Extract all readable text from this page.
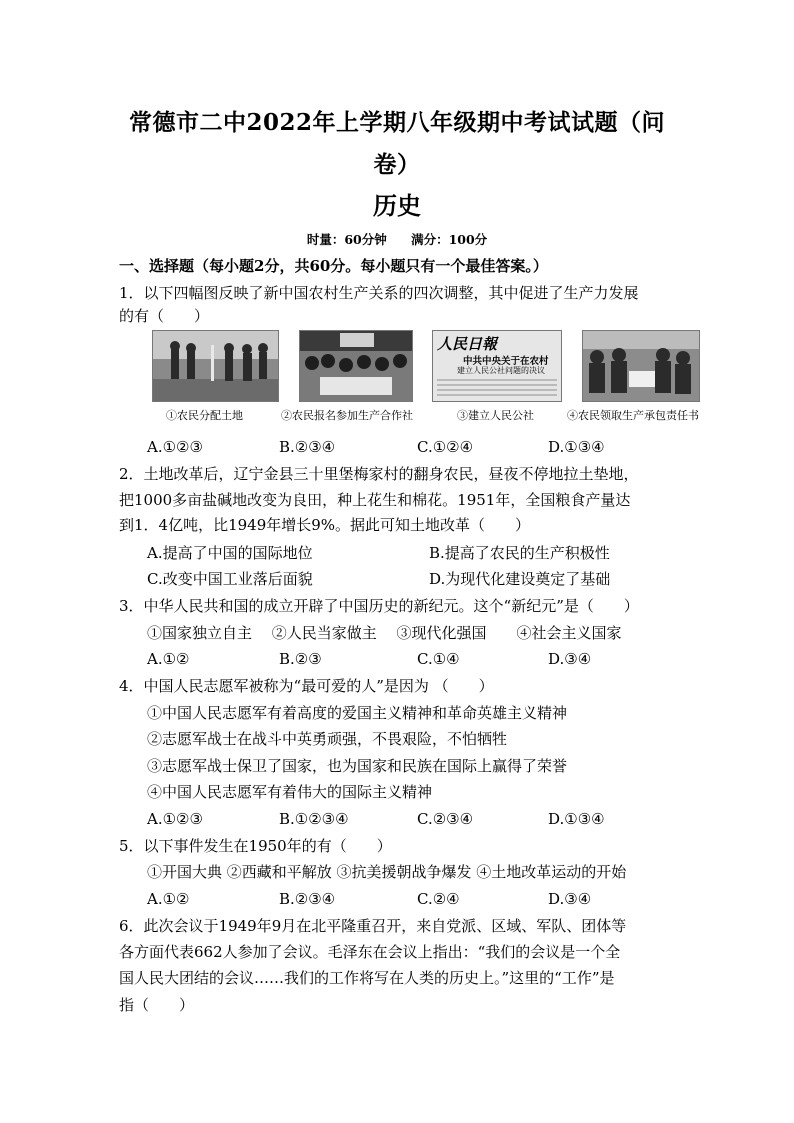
常德市二中2022年上学期八年级期中考试试题（问
卷）
历史
时量：60分钟 满分：100分
一、选择题（每小题2分，共60分。每小题只有一个最佳答案。）
1．以下四幅图反映了新中国农村生产关系的四次调整，其中促进了生产力发展
的有（　　）
①农民分配土地	②农民报名参加生产合作社
人民日報
中共中央关于在农村
建立人民公社问题的决议
③建立人民公社	④农民领取生产承包责任书
A.①②③	B.②③④	C.①②④	D.①③④
2．土地改革后，辽宁金县三十里堡梅家村的翻身农民，昼夜不停地拉土垫地，
把1000多亩盐碱地改变为良田，种上花生和棉花。1951年，全国粮食产量达
到1．4亿吨，比1949年增长9%。据此可知土地改革（　　）
A.提高了中国的国际地位	B.提高了农民的生产积极性
C.改变中国工业落后面貌	D.为现代化建设奠定了基础
3．中华人民共和国的成立开辟了中国历史的新纪元。这个“新纪元”是（　　）
①国家独立自主　 ②人民当家做主　 ③现代化强国　　④社会主义国家
A.①②	B.②③	C.①④	D.③④
4．中国人民志愿军被称为“最可爱的人”是因为 （　　）
①中国人民志愿军有着高度的爱国主义精神和革命英雄主义精神
②志愿军战士在战斗中英勇顽强，不畏艰险，不怕牺牲
③志愿军战士保卫了国家，也为国家和民族在国际上赢得了荣誉
④中国人民志愿军有着伟大的国际主义精神
A.①②③	B.①②③④	C.②③④	D.①③④
5．以下事件发生在1950年的有（　　）
①开国大典 ②西藏和平解放 ③抗美援朝战争爆发 ④土地改革运动的开始
A.①②	B.②③④	C.②④	D.③④
6．此次会议于1949年9月在北平隆重召开，来自党派、区域、军队、团体等
各方面代表662人参加了会议。毛泽东在会议上指出：“我们的会议是一个全
国人民大团结的会议……我们的工作将写在人类的历史上。”这里的“工作”是
指（　　）
